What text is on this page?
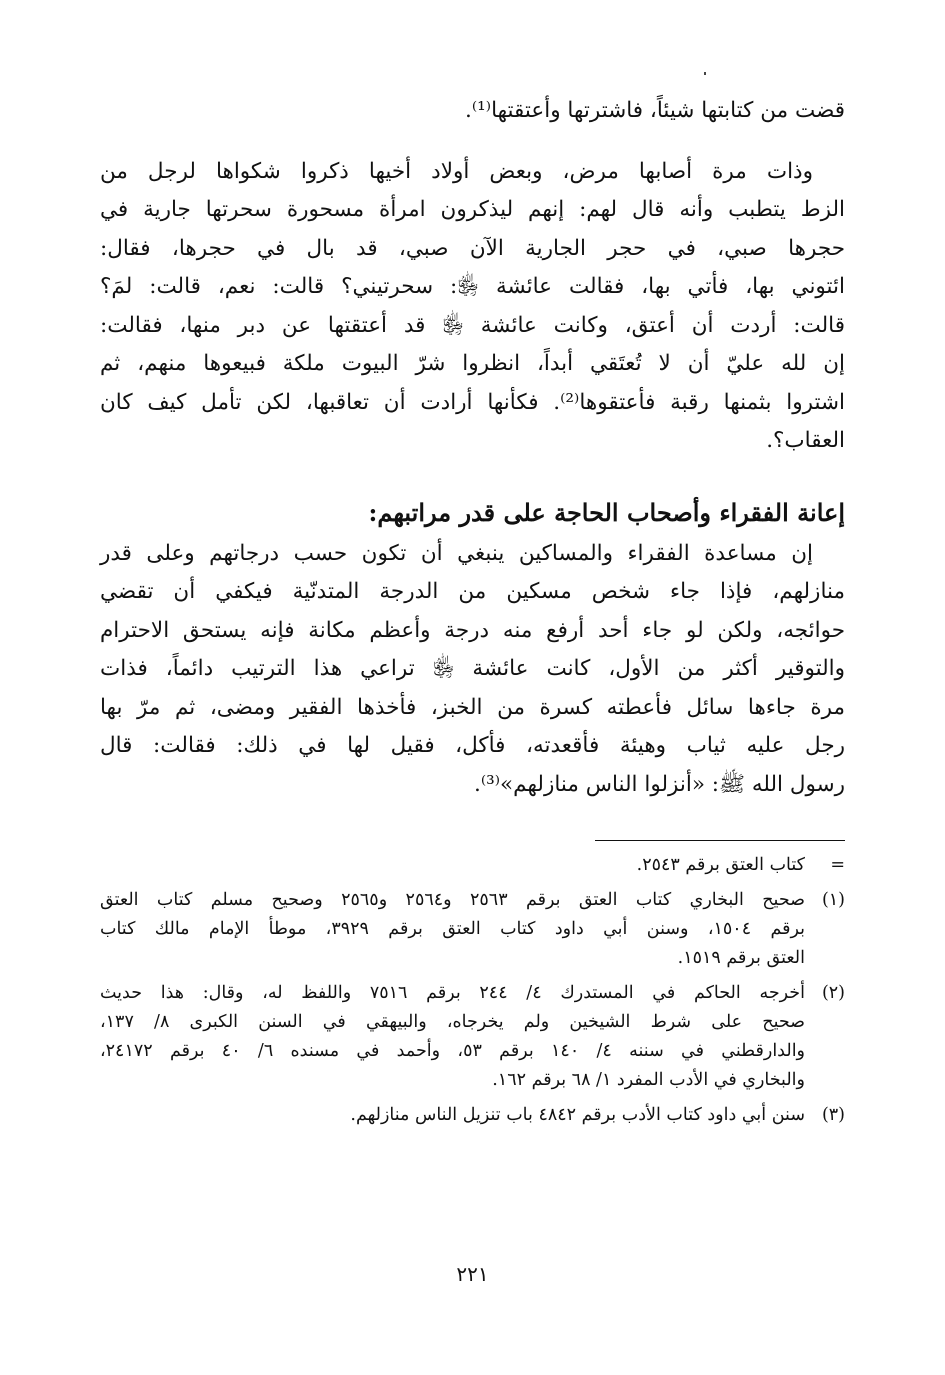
قضت من كتابتها شيئاً، فاشترتها وأعتقتها⁽¹⁾.
وذات مرة أصابها مرض، وبعض أولاد أخيها ذكروا شكواها لرجل من
الزط يتطبب وأنه قال لهم: إنهم ليذكرون امرأة مسحورة سحرتها جارية في
حجرها صبي، في حجر الجارية الآن صبي، قد بال في حجرها، فقال:
ائتوني بها، فأتي بها، فقالت عائشة ﵂: سحرتيني؟ قالت: نعم، قالت: لمَ؟
قالت: أردت أن أعتق، وكانت عائشة ﵂ قد أعتقتها عن دبر منها، فقالت:
إن لله عليّ أن لا تُعتَقي أبداً، انظروا شرّ البيوت ملكة فبيعوها منهم، ثم
اشتروا بثمنها رقبة فأعتقوها⁽²⁾. فكأنها أرادت أن تعاقبها، لكن تأمل كيف كان
العقاب؟.
إعانة الفقراء وأصحاب الحاجة على قدر مراتبهم:
إن مساعدة الفقراء والمساكين ينبغي أن تكون حسب درجاتهم وعلى قدر
منازلهم، فإذا جاء شخص مسكين من الدرجة المتدنّية فيكفي أن تقضي
حوائجه، ولكن لو جاء أحد أرفع منه درجة وأعظم مكانة فإنه يستحق الاحترام
والتوقير أكثر من الأول، كانت عائشة ﵂ تراعي هذا الترتيب دائماً، فذات
مرة جاءها سائل فأعطته كسرة من الخبز، فأخذها الفقير ومضى، ثم مرّ بها
رجل عليه ثياب وهيئة فأقعدته، فأكل، فقيل لها في ذلك: فقالت: قال
رسول الله ﷺ: «أنزلوا الناس منازلهم»⁽³⁾.
=
كتاب العتق برقم ٢٥٤٣.
(١)
صحيح البخاري كتاب العتق برقم ٢٥٦٣ و٢٥٦٤ و٢٥٦٥ وصحيح مسلم كتاب العتق
برقم ١٥٠٤، وسنن أبي داود كتاب العتق برقم ٣٩٢٩، موطأ الإمام مالك كتاب
العتق برقم ١٥١٩.
(٢)
أخرجه الحاكم في المستدرك ٤/ ٢٤٤ برقم ٧٥١٦ واللفظ له، وقال: هذا حديث
صحيح على شرط الشيخين ولم يخرجاه، والبيهقي في السنن الكبرى ٨/ ١٣٧،
والدارقطني في سننه ٤/ ١٤٠ برقم ٥٣، وأحمد في مسنده ٦/ ٤٠ برقم ٢٤١٧٢،
والبخاري في الأدب المفرد ١/ ٦٨ برقم ١٦٢.
(٣)
سنن أبي داود كتاب الأدب برقم ٤٨٤٢ باب تنزيل الناس منازلهم.
٢٢١
